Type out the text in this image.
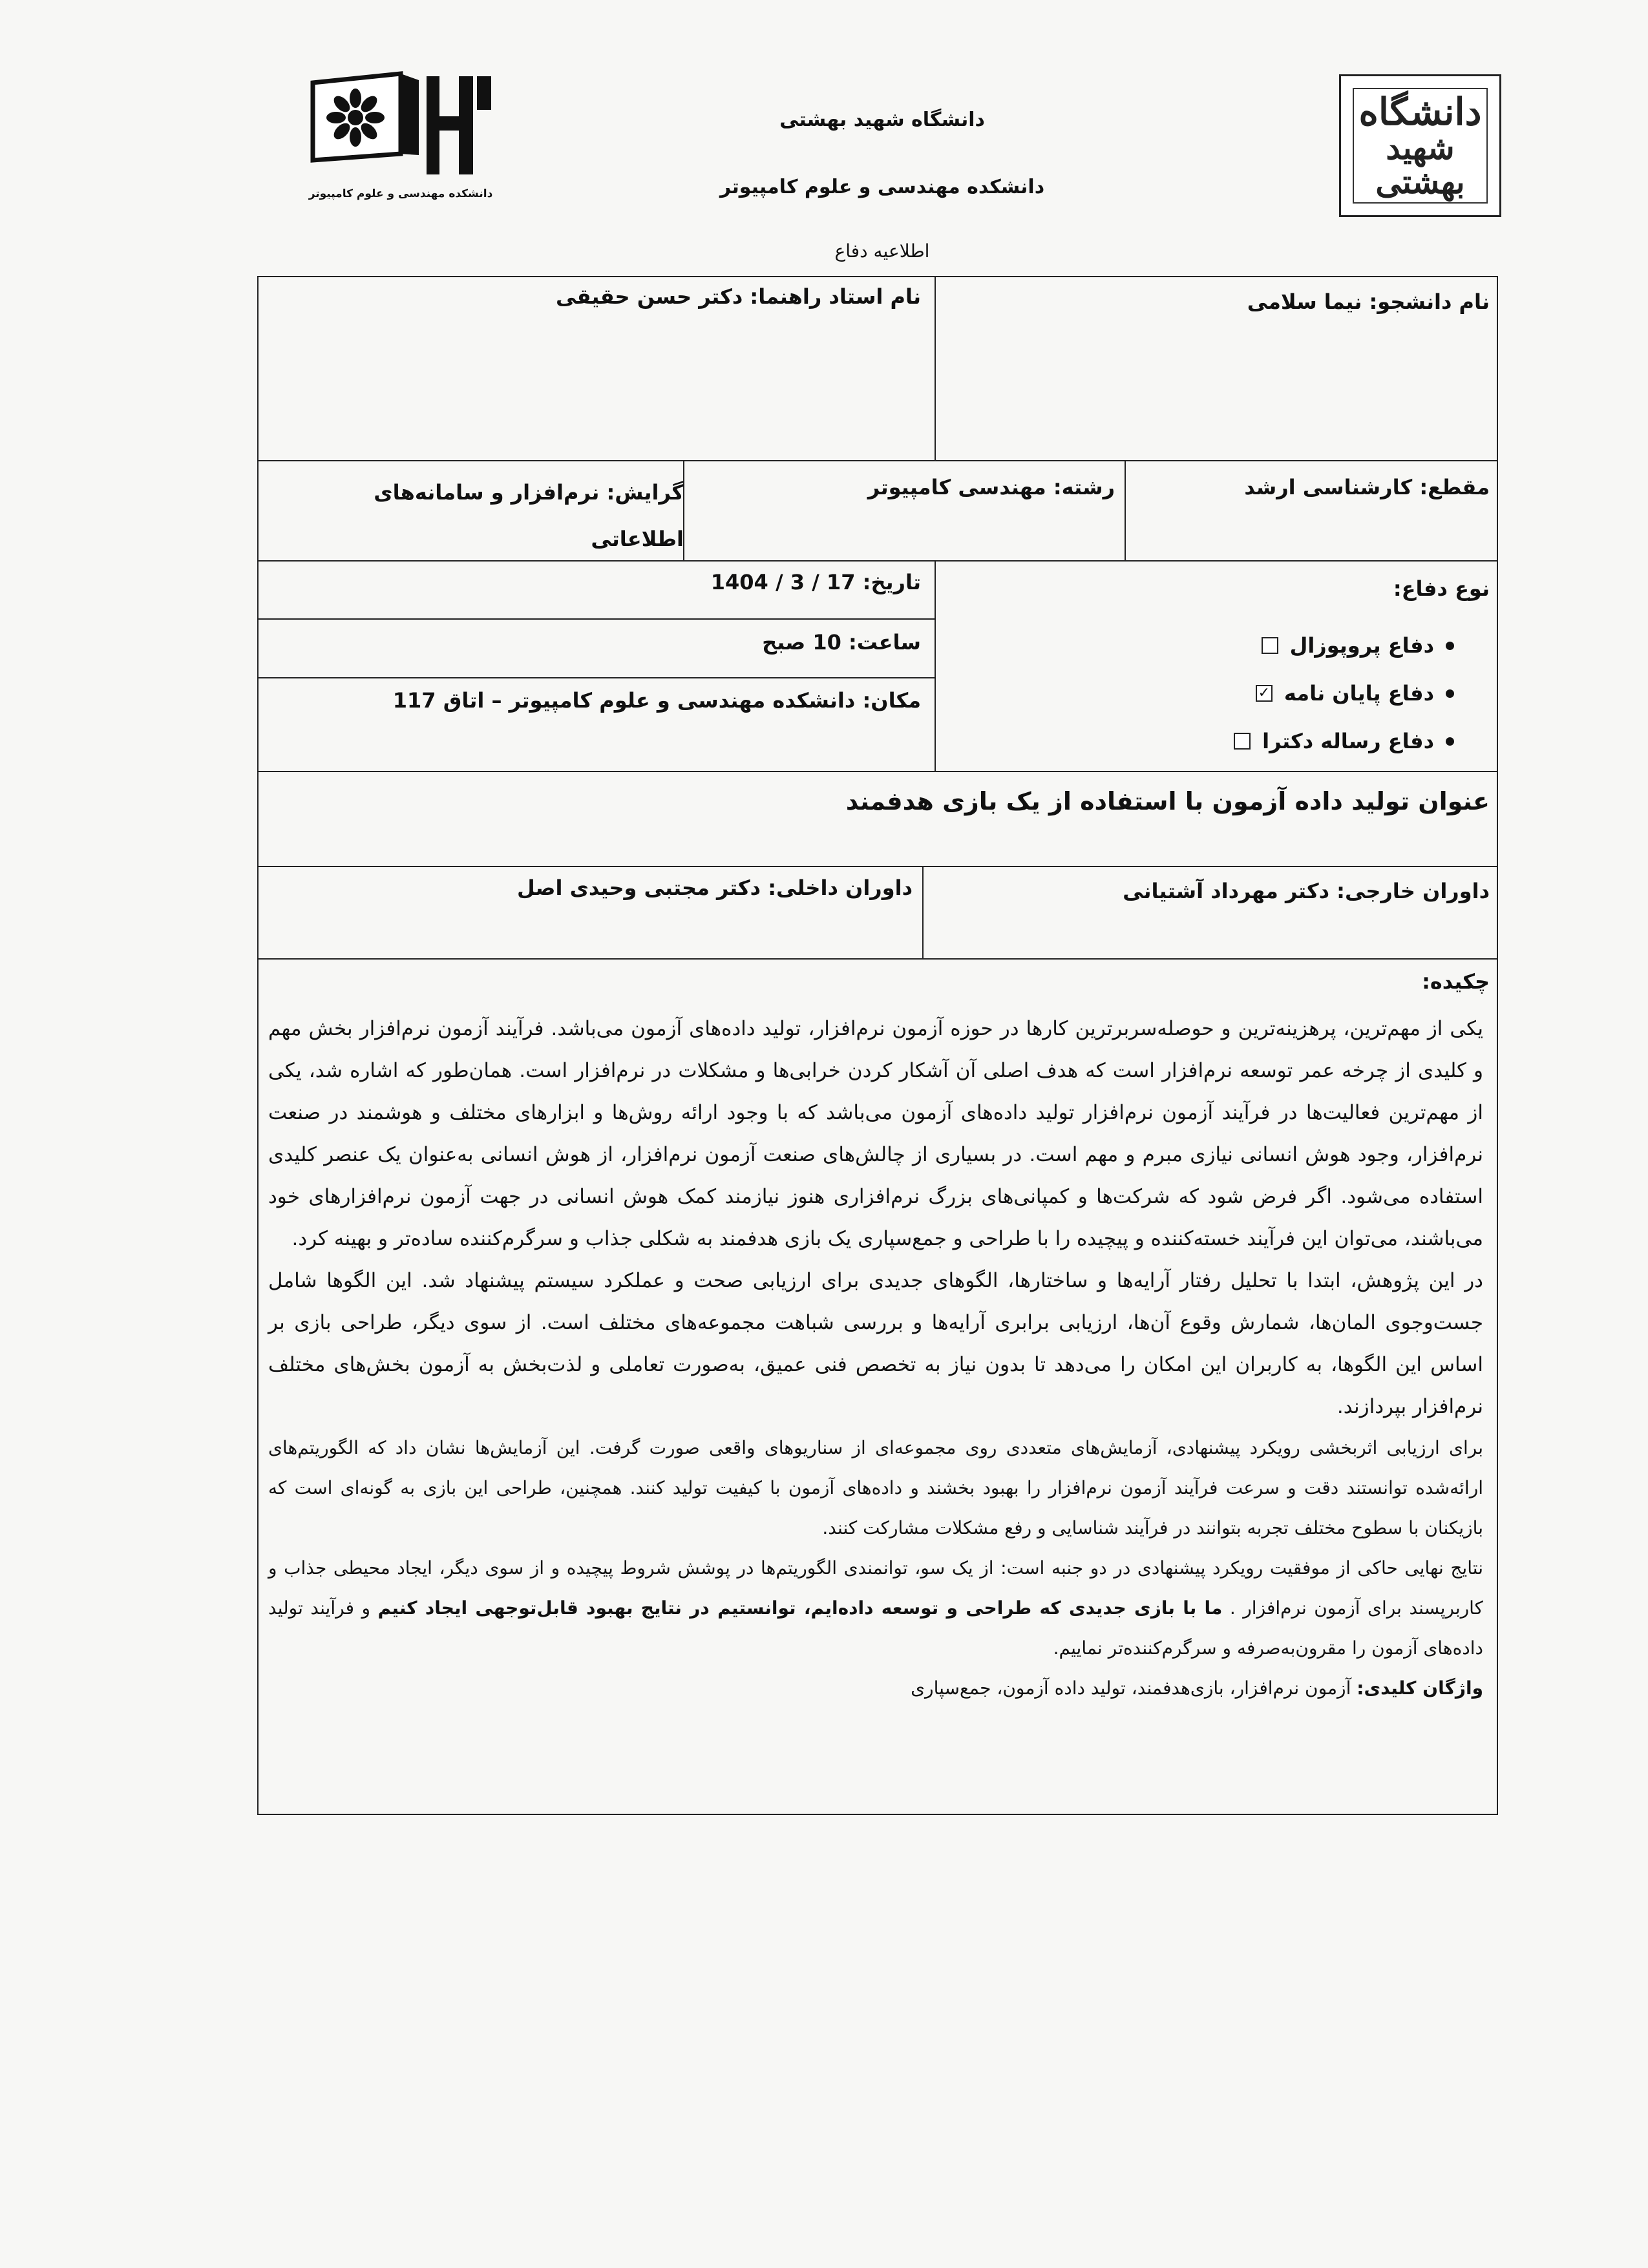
دانشگاه
شهید
بهشتی
دانشکده مهندسی و علوم کامپیوتر
دانشگاه شهید بهشتی
دانشکده مهندسی و علوم کامپیوتر
اطلاعیه دفاع
نام دانشجو: نیما سلامی
نام استاد راهنما: دکتر حسن حقیقی
مقطع: کارشناسی ارشد
رشته: مهندسی کامپیوتر
گرایش: نرم‌افزار و سامانه‌های
اطلاعاتی
تاریخ: 1404 / 3 / 17
ساعت: 10 صبح
مکان: دانشکده مهندسی و علوم کامپیوتر – اتاق 117
نوع دفاع:
دفاع پروپوزال
دفاع پایان نامه
✓
دفاع رساله دکترا
عنوان تولید داده آزمون با استفاده از یک بازی هدفمند
داوران خارجی: دکتر مهرداد آشتیانی
داوران داخلی: دکتر مجتبی وحیدی اصل
چکیده:

یکی از مهم‌ترین، پرهزینه‌ترین و حوصله‌سربرترین کارها در حوزه آزمون نرم‌افزار، تولید داده‌های آزمون می‌باشد. فرآیند آزمون نرم‌افزار بخش مهم و کلیدی از چرخه عمر توسعه نرم‌افزار است که هدف اصلی آن آشکار کردن خرابی‌ها و مشکلات در نرم‌افزار است. همان‌طور که اشاره شد، یکی از مهم‌ترین فعالیت‌ها در فرآیند آزمون نرم‌افزار تولید داده‌های آزمون می‌باشد که با وجود ارائه روش‌ها و ابزارهای مختلف و هوشمند در صنعت نرم‌افزار، وجود هوش انسانی نیازی مبرم و مهم است. در بسیاری از چالش‌های صنعت آزمون نرم‌افزار، از هوش انسانی به‌عنوان یک عنصر کلیدی استفاده می‌شود. اگر فرض شود که شرکت‌ها و کمپانی‌های بزرگ نرم‌افزاری هنوز نیازمند کمک هوش انسانی در جهت آزمون نرم‌افزارهای خود می‌باشند، می‌توان این فرآیند خسته‌کننده و پیچیده را با طراحی و جمع‌سپاری یک بازی هدفمند به شکلی جذاب و سرگرم‌کننده ساده‌تر و بهینه کرد.

در این پژوهش، ابتدا با تحلیل رفتار آرایه‌ها و ساختارها، الگوهای جدیدی برای ارزیابی صحت و عملکرد سیستم پیشنهاد شد. این الگوها شامل جست‌وجوی المان‌ها، شمارش وقوع آن‌ها، ارزیابی برابری آرایه‌ها و بررسی شباهت مجموعه‌های مختلف است. از سوی دیگر، طراحی بازی بر اساس این الگوها، به کاربران این امکان را می‌دهد تا بدون نیاز به تخصص فنی عمیق، به‌صورت تعاملی و لذت‌بخش به آزمون بخش‌های مختلف نرم‌افزار بپردازند.

برای ارزیابی اثربخشی رویکرد پیشنهادی، آزمایش‌های متعددی روی مجموعه‌ای از سناریوهای واقعی صورت گرفت. این آزمایش‌ها نشان داد که الگوریتم‌های ارائه‌شده توانستند دقت و سرعت فرآیند آزمون نرم‌افزار را بهبود بخشند و داده‌های آزمون با کیفیت تولید کنند. همچنین، طراحی این بازی به گونه‌ای است که بازیکنان با سطوح مختلف تجربه بتوانند در فرآیند شناسایی و رفع مشکلات مشارکت کنند.

نتایج نهایی حاکی از موفقیت رویکرد پیشنهادی در دو جنبه است: از یک سو، توانمندی الگوریتم‌ها در پوشش شروط پیچیده و از سوی دیگر، ایجاد محیطی جذاب و کاربرپسند برای آزمون نرم‌افزار . ما با بازی جدیدی که طراحی و توسعه داده‌ایم، توانستیم در نتایج بهبود قابل‌توجهی ایجاد کنیم و فرآیند تولید داده‌های آزمون را مقرون‌به‌صرفه و سرگرم‌کننده‌تر نماییم.

واژگان کلیدی: آزمون نرم‌افزار، بازی‌هدفمند، تولید داده آزمون، جمع‌سپاری
